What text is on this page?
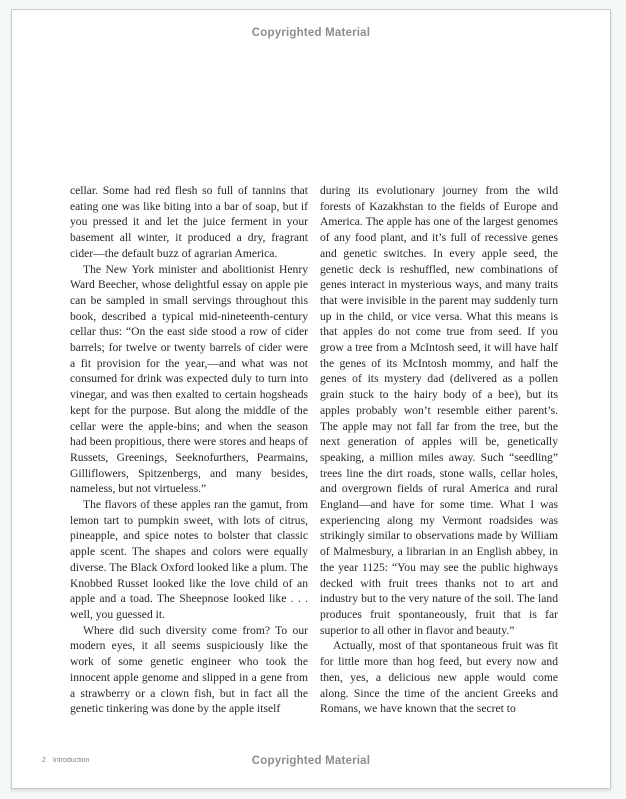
Copyrighted Material

cellar. Some had red flesh so full of tannins that eating one was like biting into a bar of soap, but if you pressed it and let the juice ferment in your basement all winter, it produced a dry, fragrant cider—the default buzz of agrarian America.

The New York minister and abolitionist Henry Ward Beecher, whose delightful essay on apple pie can be sampled in small servings throughout this book, described a typical mid-nineteenth-century cellar thus: “On the east side stood a row of cider barrels; for twelve or twenty barrels of cider were a fit provision for the year,—and what was not consumed for drink was expected duly to turn into vinegar, and was then exalted to certain hogsheads kept for the purpose. But along the middle of the cellar were the apple-bins; and when the season had been propitious, there were stores and heaps of Russets, Greenings, Seeknofurthers, Pearmains, Gilliflowers, Spitzenbergs, and many besides, nameless, but not virtueless.”

The flavors of these apples ran the gamut, from lemon tart to pumpkin sweet, with lots of citrus, pineapple, and spice notes to bolster that classic apple scent. The shapes and colors were equally diverse. The Black Oxford looked like a plum. The Knobbed Russet looked like the love child of an apple and a toad. The Sheepnose looked like . . . well, you guessed it.

Where did such diversity come from? To our modern eyes, it all seems suspiciously like the work of some genetic engineer who took the innocent apple genome and slipped in a gene from a strawberry or a clown fish, but in fact all the genetic tinkering was done by the apple itself

during its evolutionary journey from the wild forests of Kazakhstan to the fields of Europe and America. The apple has one of the largest genomes of any food plant, and it’s full of recessive genes and genetic switches. In every apple seed, the genetic deck is reshuffled, new combinations of genes interact in mysterious ways, and many traits that were invisible in the parent may suddenly turn up in the child, or vice versa. What this means is that apples do not come true from seed. If you grow a tree from a McIntosh seed, it will have half the genes of its McIntosh mommy, and half the genes of its mystery dad (delivered as a pollen grain stuck to the hairy body of a bee), but its apples probably won’t resemble either parent’s. The apple may not fall far from the tree, but the next generation of apples will be, genetically speaking, a million miles away. Such “seedling” trees line the dirt roads, stone walls, cellar holes, and overgrown fields of rural America and rural England—and have for some time. What I was experiencing along my Vermont roadsides was strikingly similar to observations made by William of Malmesbury, a librarian in an English abbey, in the year 1125: “You may see the public highways decked with fruit trees thanks not to art and industry but to the very nature of the soil. The land produces fruit spontaneously, fruit that is far superior to all other in flavor and beauty.”

Actually, most of that spontaneous fruit was fit for little more than hog feed, but every now and then, yes, a delicious new apple would come along. Since the time of the ancient Greeks and Romans, we have known that the secret to

2 Introduction	Copyrighted Material
